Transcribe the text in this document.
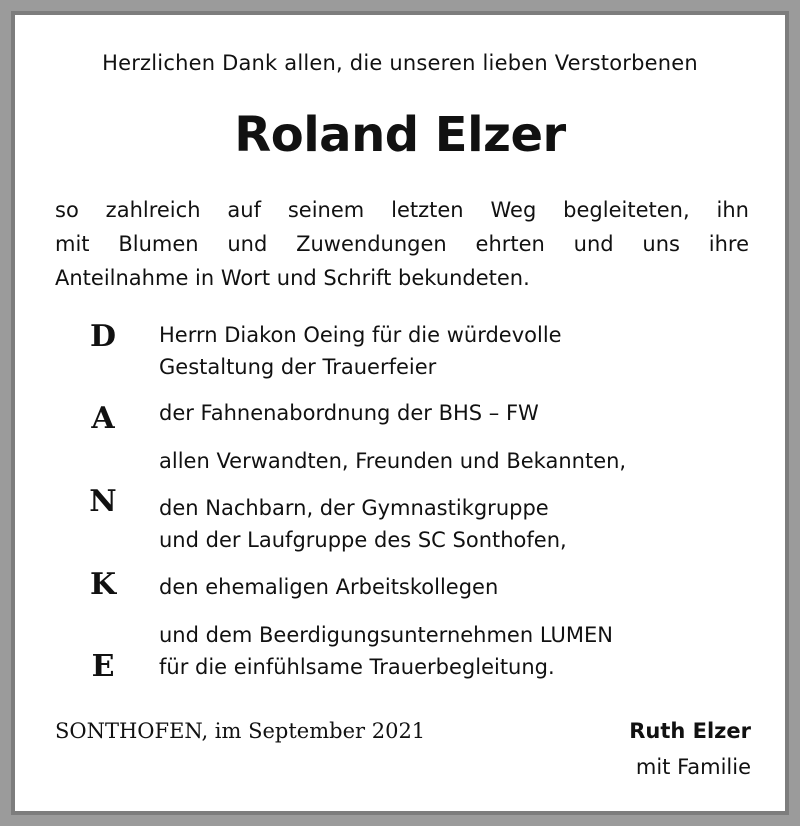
Herzlichen Dank allen, die unseren lieben Verstorbenen
Roland Elzer
so zahlreich auf seinem letzten Weg begleiteten, ihn
mit Blumen und Zuwendungen ehrten und uns ihre
Anteilnahme in Wort und Schrift bekundeten.
D
A
N
K
E
Herrn Diakon Oeing für die würdevolle
Gestaltung der Trauerfeier
der Fahnenabordnung der BHS – FW
allen Verwandten, Freunden und Bekannten,
den Nachbarn, der Gymnastikgruppe
und der Laufgruppe des SC Sonthofen,
den ehemaligen Arbeitskollegen
und dem Beerdigungsunternehmen LUMEN
für die einfühlsame Trauerbegleitung.
SONTHOFEN, im September 2021	Ruth Elzer
mit Familie
